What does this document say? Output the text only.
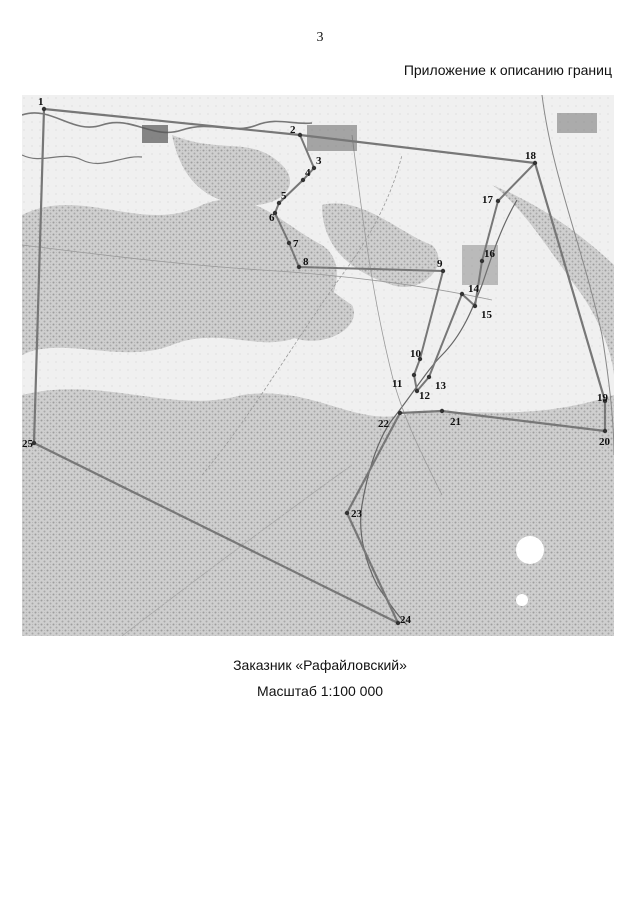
3
Приложение к описанию границ
1
2
3
4
5
6
7
8	9
10
11
12
13
14
15
16
17
18
19
20
21
22
23
24
25
Заказник «Рафайловский»
Масштаб 1:100 000
